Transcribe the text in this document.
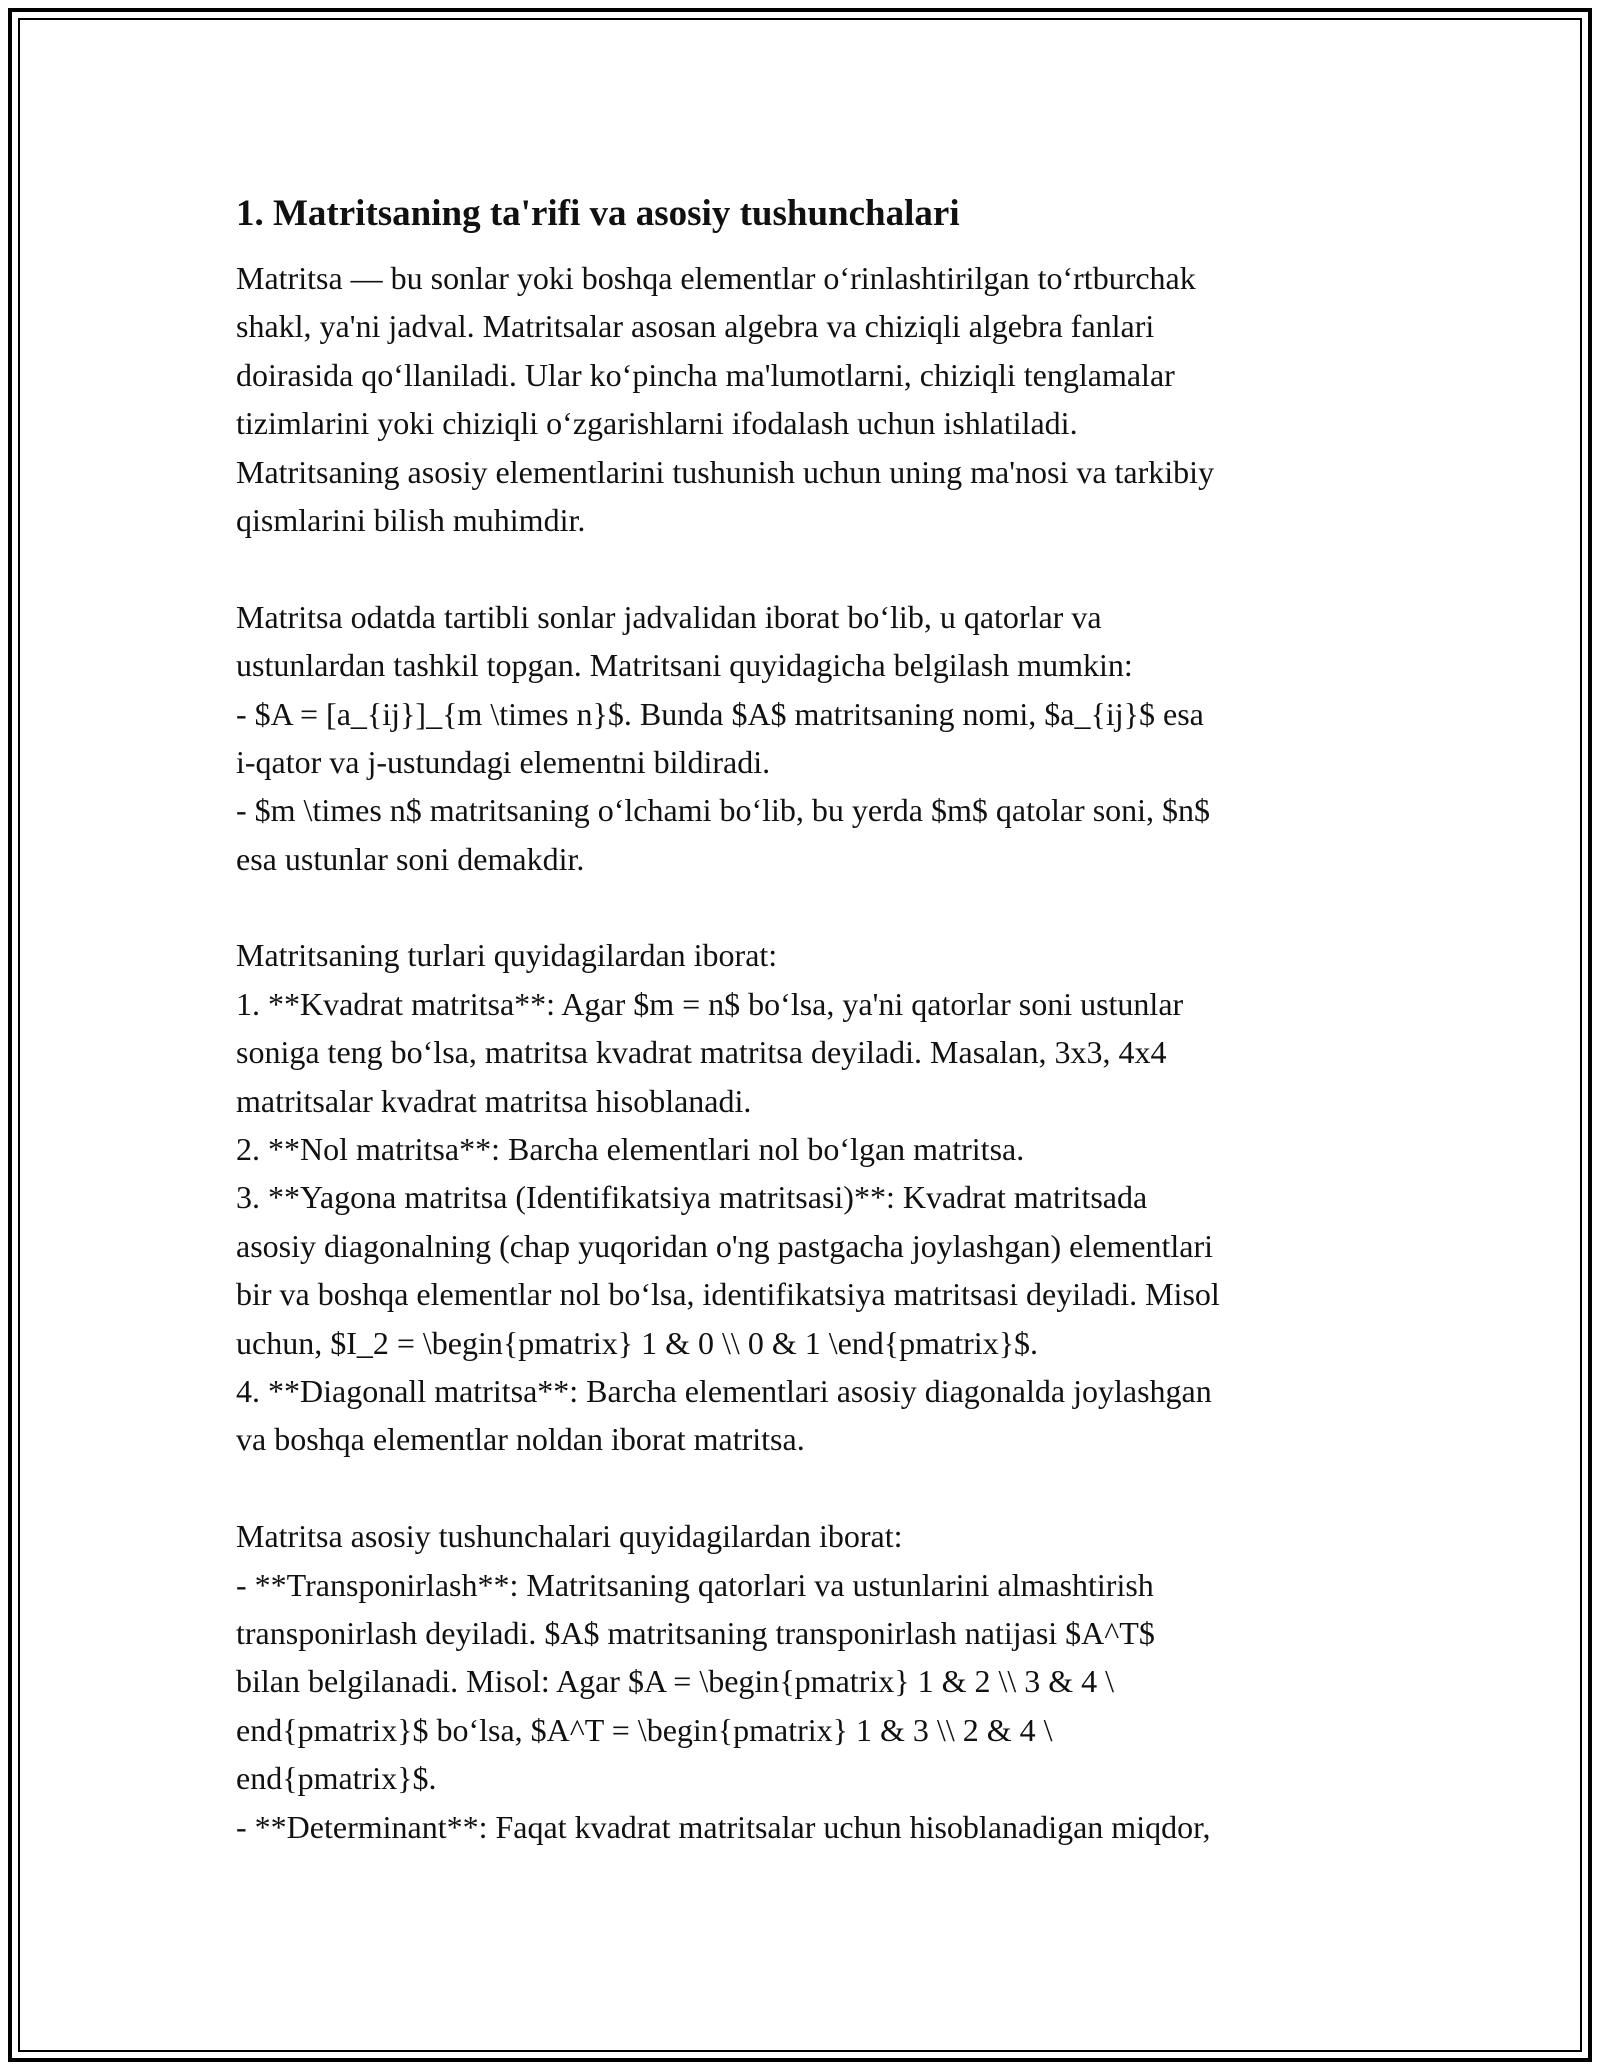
1. Matritsaning ta'rifi va asosiy tushunchalari
Matritsa — bu sonlar yoki boshqa elementlar o‘rinlashtirilgan to‘rtburchak
shakl, ya'ni jadval. Matritsalar asosan algebra va chiziqli algebra fanlari
doirasida qo‘llaniladi. Ular ko‘pincha ma'lumotlarni, chiziqli tenglamalar
tizimlarini yoki chiziqli o‘zgarishlarni ifodalash uchun ishlatiladi.
Matritsaning asosiy elementlarini tushunish uchun uning ma'nosi va tarkibiy
qismlarini bilish muhimdir.
Matritsa odatda tartibli sonlar jadvalidan iborat bo‘lib, u qatorlar va
ustunlardan tashkil topgan. Matritsani quyidagicha belgilash mumkin:
- $A = [a_{ij}]_{m \times n}$. Bunda $A$ matritsaning nomi, $a_{ij}$ esa
i-qator va j-ustundagi elementni bildiradi.
- $m \times n$ matritsaning o‘lchami bo‘lib, bu yerda $m$ qatolar soni, $n$
esa ustunlar soni demakdir.
Matritsaning turlari quyidagilardan iborat:
1. **Kvadrat matritsa**: Agar $m = n$ bo‘lsa, ya'ni qatorlar soni ustunlar
soniga teng bo‘lsa, matritsa kvadrat matritsa deyiladi. Masalan, 3x3, 4x4
matritsalar kvadrat matritsa hisoblanadi.
2. **Nol matritsa**: Barcha elementlari nol bo‘lgan matritsa.
3. **Yagona matritsa (Identifikatsiya matritsasi)**: Kvadrat matritsada
asosiy diagonalning (chap yuqoridan o'ng pastgacha joylashgan) elementlari
bir va boshqa elementlar nol bo‘lsa, identifikatsiya matritsasi deyiladi. Misol
uchun, $I_2 = \begin{pmatrix} 1 & 0 \\ 0 & 1 \end{pmatrix}$.
4. **Diagonall matritsa**: Barcha elementlari asosiy diagonalda joylashgan
va boshqa elementlar noldan iborat matritsa.
Matritsa asosiy tushunchalari quyidagilardan iborat:
- **Transponirlash**: Matritsaning qatorlari va ustunlarini almashtirish
transponirlash deyiladi. $A$ matritsaning transponirlash natijasi $A^T$
bilan belgilanadi. Misol: Agar $A = \begin{pmatrix} 1 & 2 \\ 3 & 4 \
end{pmatrix}$ bo‘lsa, $A^T = \begin{pmatrix} 1 & 3 \\ 2 & 4 \
end{pmatrix}$.
- **Determinant**: Faqat kvadrat matritsalar uchun hisoblanadigan miqdor,
